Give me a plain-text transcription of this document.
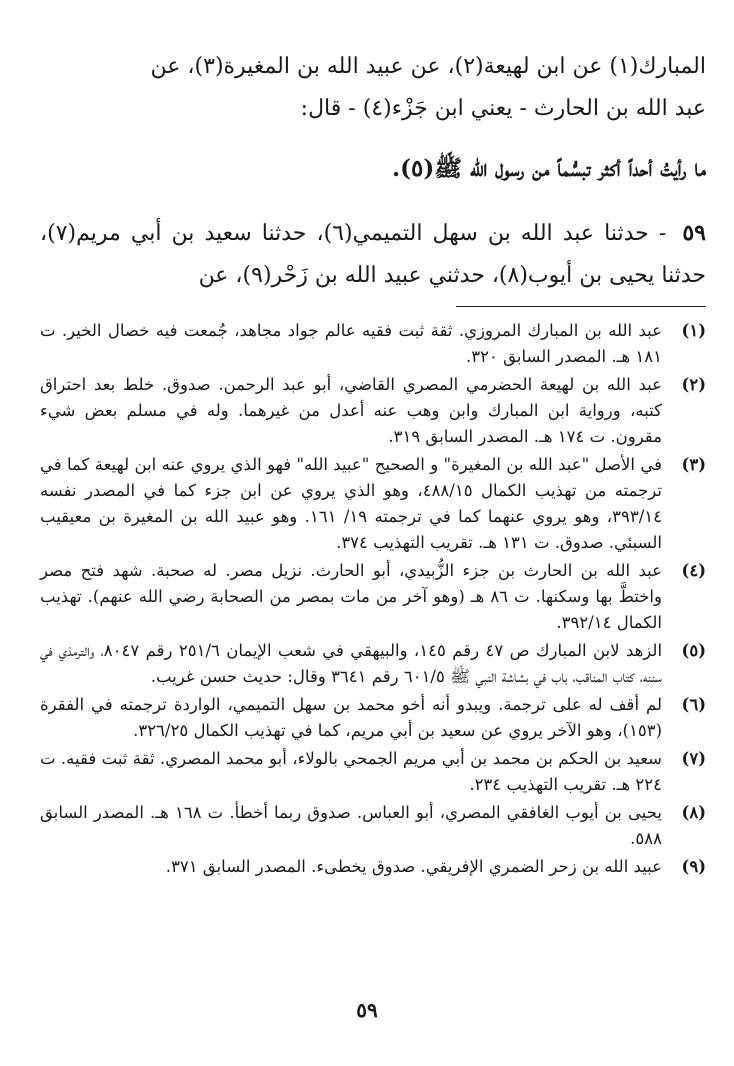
المبارك(١) عن ابن لهيعة(٢)، عن عبيد الله بن المغيرة(٣)، عن

عبد الله بن الحارث - يعني ابن جَزْء(٤) - قال:

ما رأيتُ أحداً أكثر تبسُّماً من رسول الله ﷺ(٥).
٥٩ - حدثنا عبد الله بن سهل التميمي(٦)، حدثنا سعيد بن أبي مريم(٧)، حدثنا يحيى بن أيوب(٨)، حدثني عبيد الله بن زَحْر(٩)، عن
(١)
عبد الله بن المبارك المروزي. ثقة ثبت فقيه عالم جواد مجاهد، جُمعت فيه خصال الخير. ت ١٨١ هـ. المصدر السابق ٣٢٠.
(٢)
عبد الله بن لهيعة الحضرمي المصري القاضي، أبو عبد الرحمن. صدوق. خلط بعد احتراق كتبه، ورواية ابن المبارك وابن وهب عنه أعدل من غيرهما. وله في مسلم بعض شيء مقرون. ت ١٧٤ هـ. المصدر السابق ٣١٩.
(٣)
في الأصل "عبد الله بن المغيرة" و الصحيح "عبيد الله" فهو الذي يروي عنه ابن لهيعة كما في ترجمته من تهذيب الكمال ٤٨٨/١٥، وهو الذي يروي عن ابن جزء كما في المصدر نفسه ٣٩٣/١٤، وهو يروي عنهما كما في ترجمته ١٩/ ١٦١. وهو عبيد الله بن المغيرة بن معيقيب السبئي. صدوق. ت ١٣١ هـ. تقريب التهذيب ٣٧٤.
(٤)
عبد الله بن الحارث بن جزء الزُّبيدي، أبو الحارث. نزيل مصر. له صحبة. شهد فتح مصر واختطَّ بها وسكنها. ت ٨٦ هـ (وهو آخر من مات بمصر من الصحابة رضي الله عنهم). تهذيب الكمال ٣٩٢/١٤.
(٥)
الزهد لابن المبارك ص ٤٧ رقم ١٤٥، والبيهقي في شعب الإيمان ٢٥١/٦ رقم ٨٠٤٧، والترمذي في سننه، كتاب المناقب، باب في بشاشة النبي ﷺ ٦٠١/٥ رقم ٣٦٤١ وقال: حديث حسن غريب.
(٦)
لم أقف له على ترجمة. ويبدو أنه أخو محمد بن سهل التميمي، الواردة ترجمته في الفقرة (١٥٣)، وهو الآخر يروي عن سعيد بن أبي مريم، كما في تهذيب الكمال ٣٢٦/٢٥.
(٧)
سعيد بن الحكم بن محمد بن أبي مريم الجمحي بالولاء، أبو محمد المصري. ثقة ثبت فقيه. ت ٢٢٤ هـ. تقريب التهذيب ٢٣٤.
(٨)
يحيى بن أيوب الغافقي المصري، أبو العباس. صدوق ربما أخطأ. ت ١٦٨ هـ. المصدر السابق ٥٨٨.
(٩)
عبيد الله بن زحر الضمري الإفريقي. صدوق يخطىء. المصدر السابق ٣٧١.
٥٩
